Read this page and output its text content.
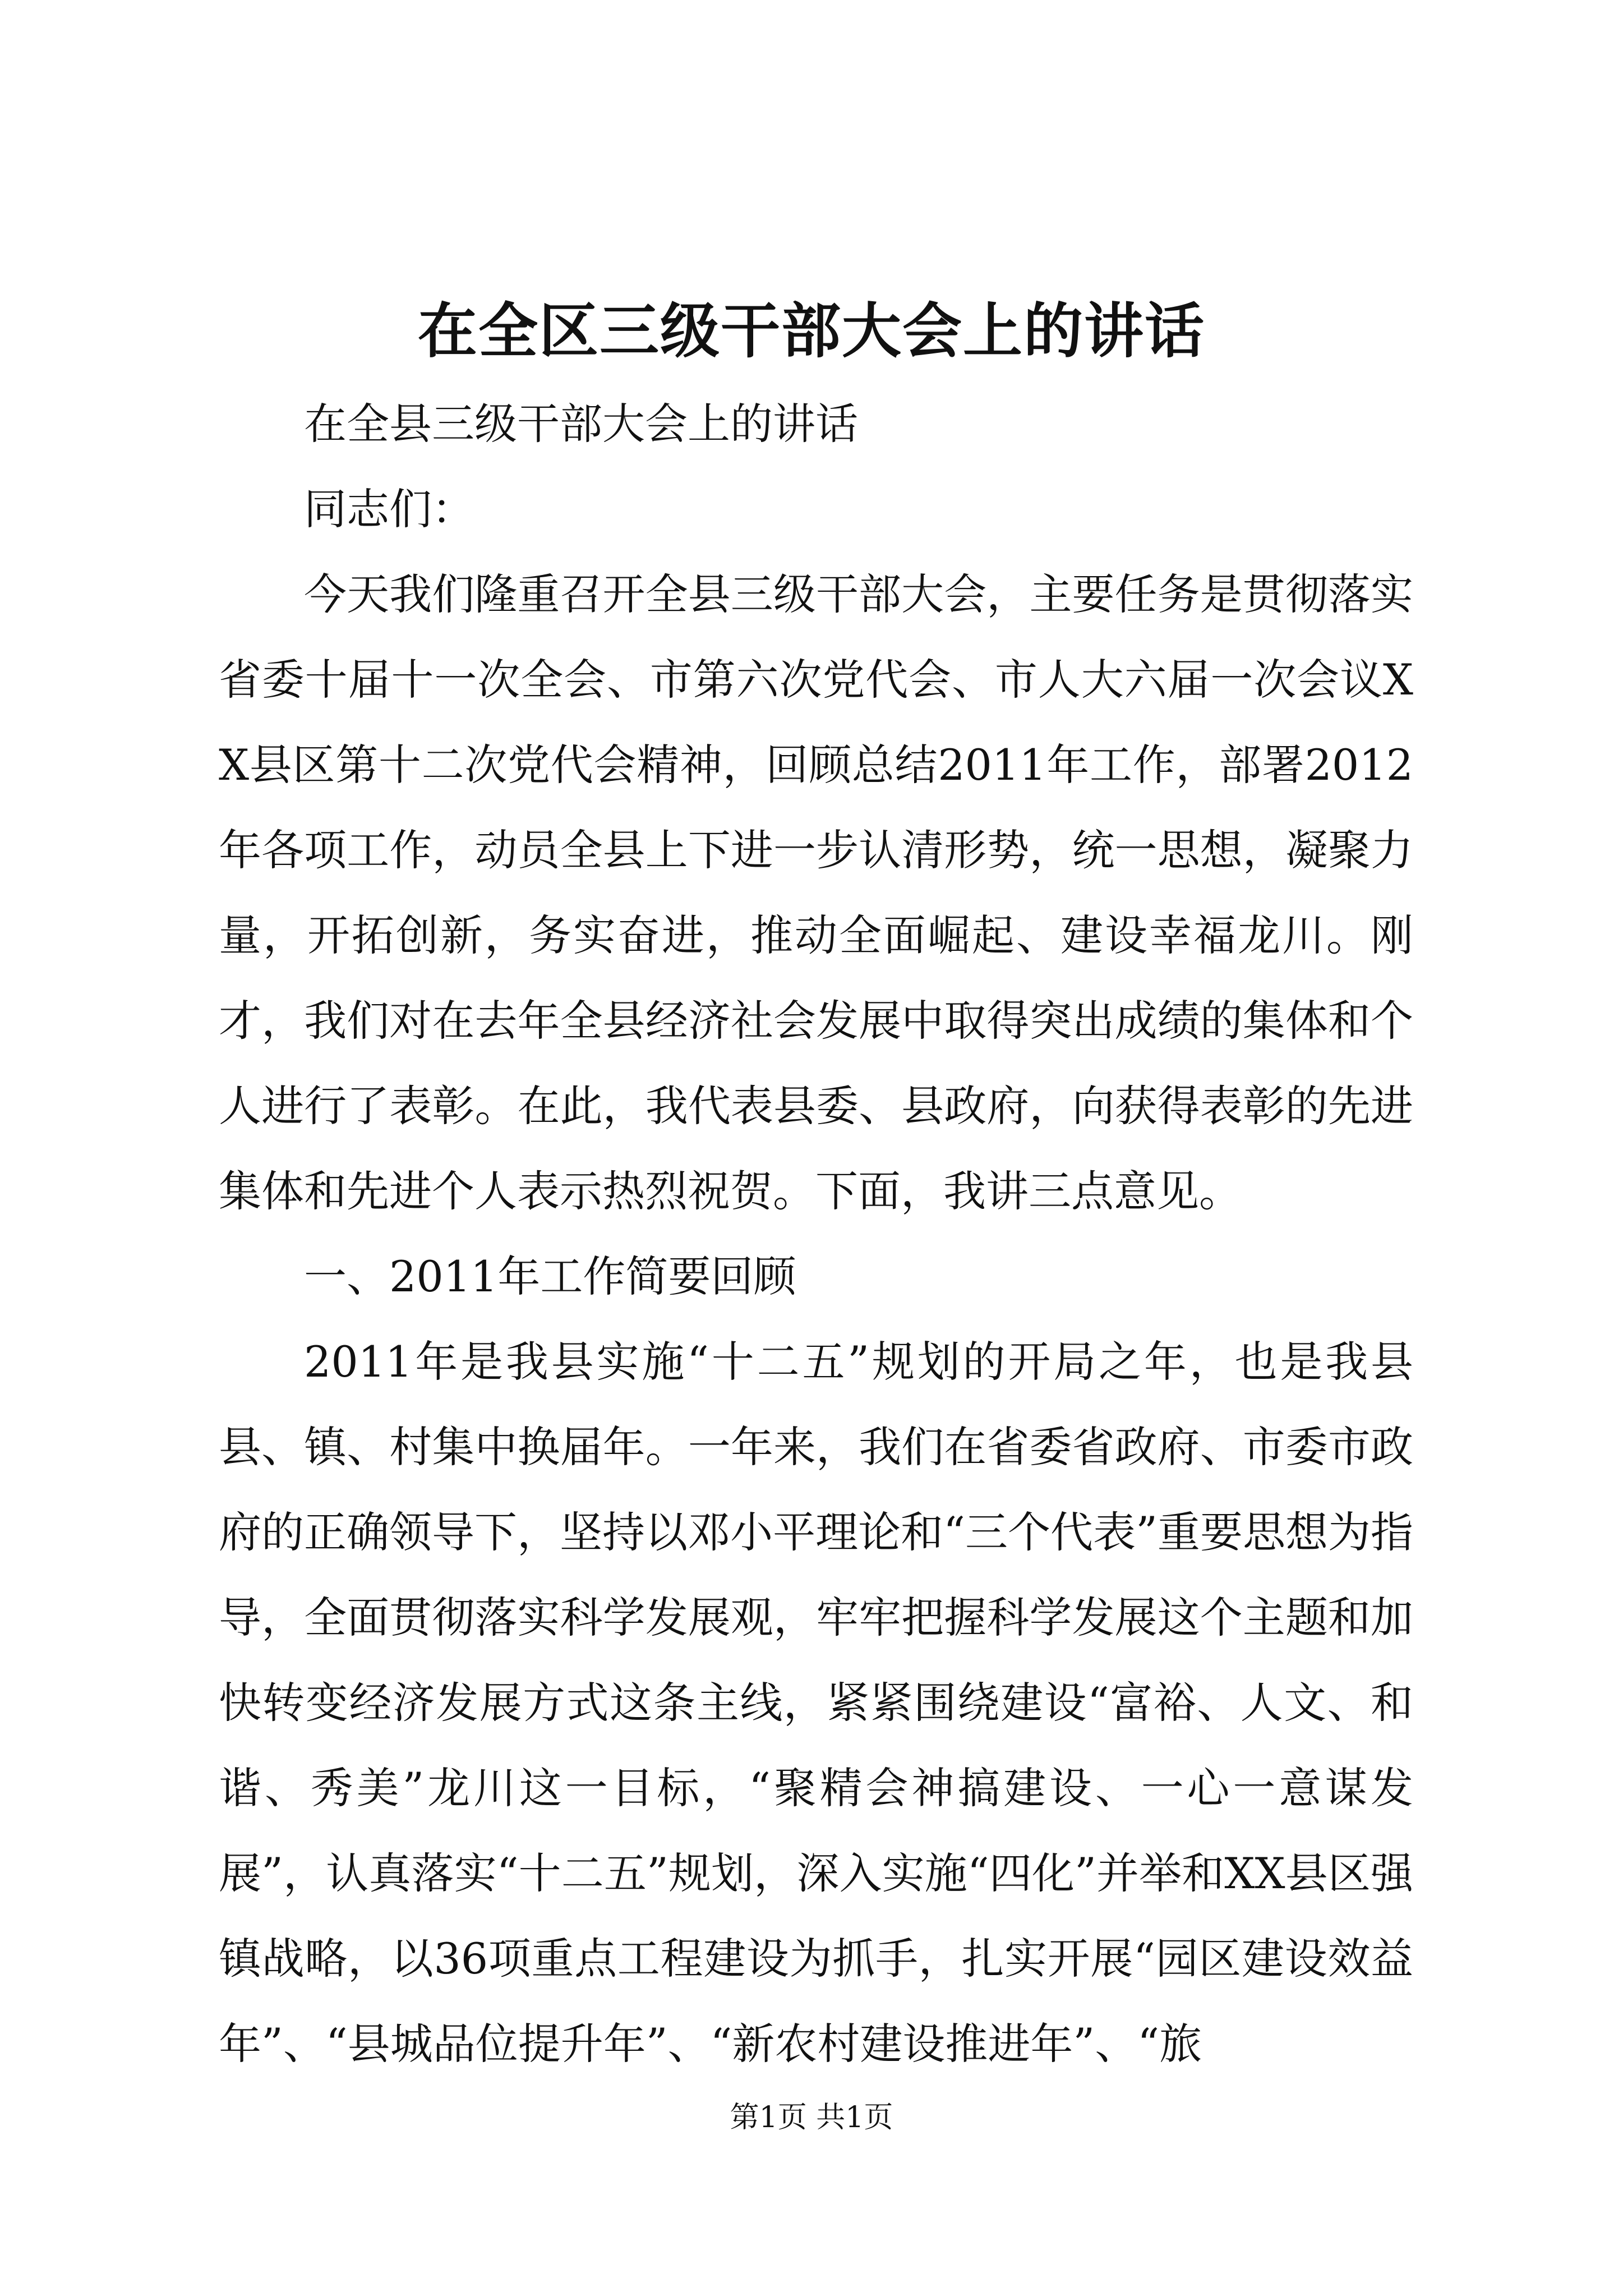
在全区三级干部大会上的讲话

在全县三级干部大会上的讲话

同志们：

今天我们隆重召开全县三级干部大会，主要任务是贯彻落实省委十届十一次全会、市第六次党代会、市人大六届一次会议XX县区第十二次党代会精神，回顾总结2011年工作，部署2012年各项工作，动员全县上下进一步认清形势，统一思想，凝聚力量，开拓创新，务实奋进，推动全面崛起、建设幸福龙川。刚才，我们对在去年全县经济社会发展中取得突出成绩的集体和个人进行了表彰。在此，我代表县委、县政府，向获得表彰的先进集体和先进个人表示热烈祝贺。下面，我讲三点意见。

一、2011年工作简要回顾

2011年是我县实施“十二五”规划的开局之年，也是我县县、镇、村集中换届年。一年来，我们在省委省政府、市委市政府的正确领导下，坚持以邓小平理论和“三个代表”重要思想为指导，全面贯彻落实科学发展观，牢牢把握科学发展这个主题和加快转变经济发展方式这条主线，紧紧围绕建设“富裕、人文、和谐、秀美”龙川这一目标，“聚精会神搞建设、一心一意谋发展”，认真落实“十二五”规划，深入实施“四化”并举和XX县区强镇战略，以36项重点工程建设为抓手，扎实开展“园区建设效益年”、“县城品位提升年”、“新农村建设推进年”、“旅

第1页 共1页
